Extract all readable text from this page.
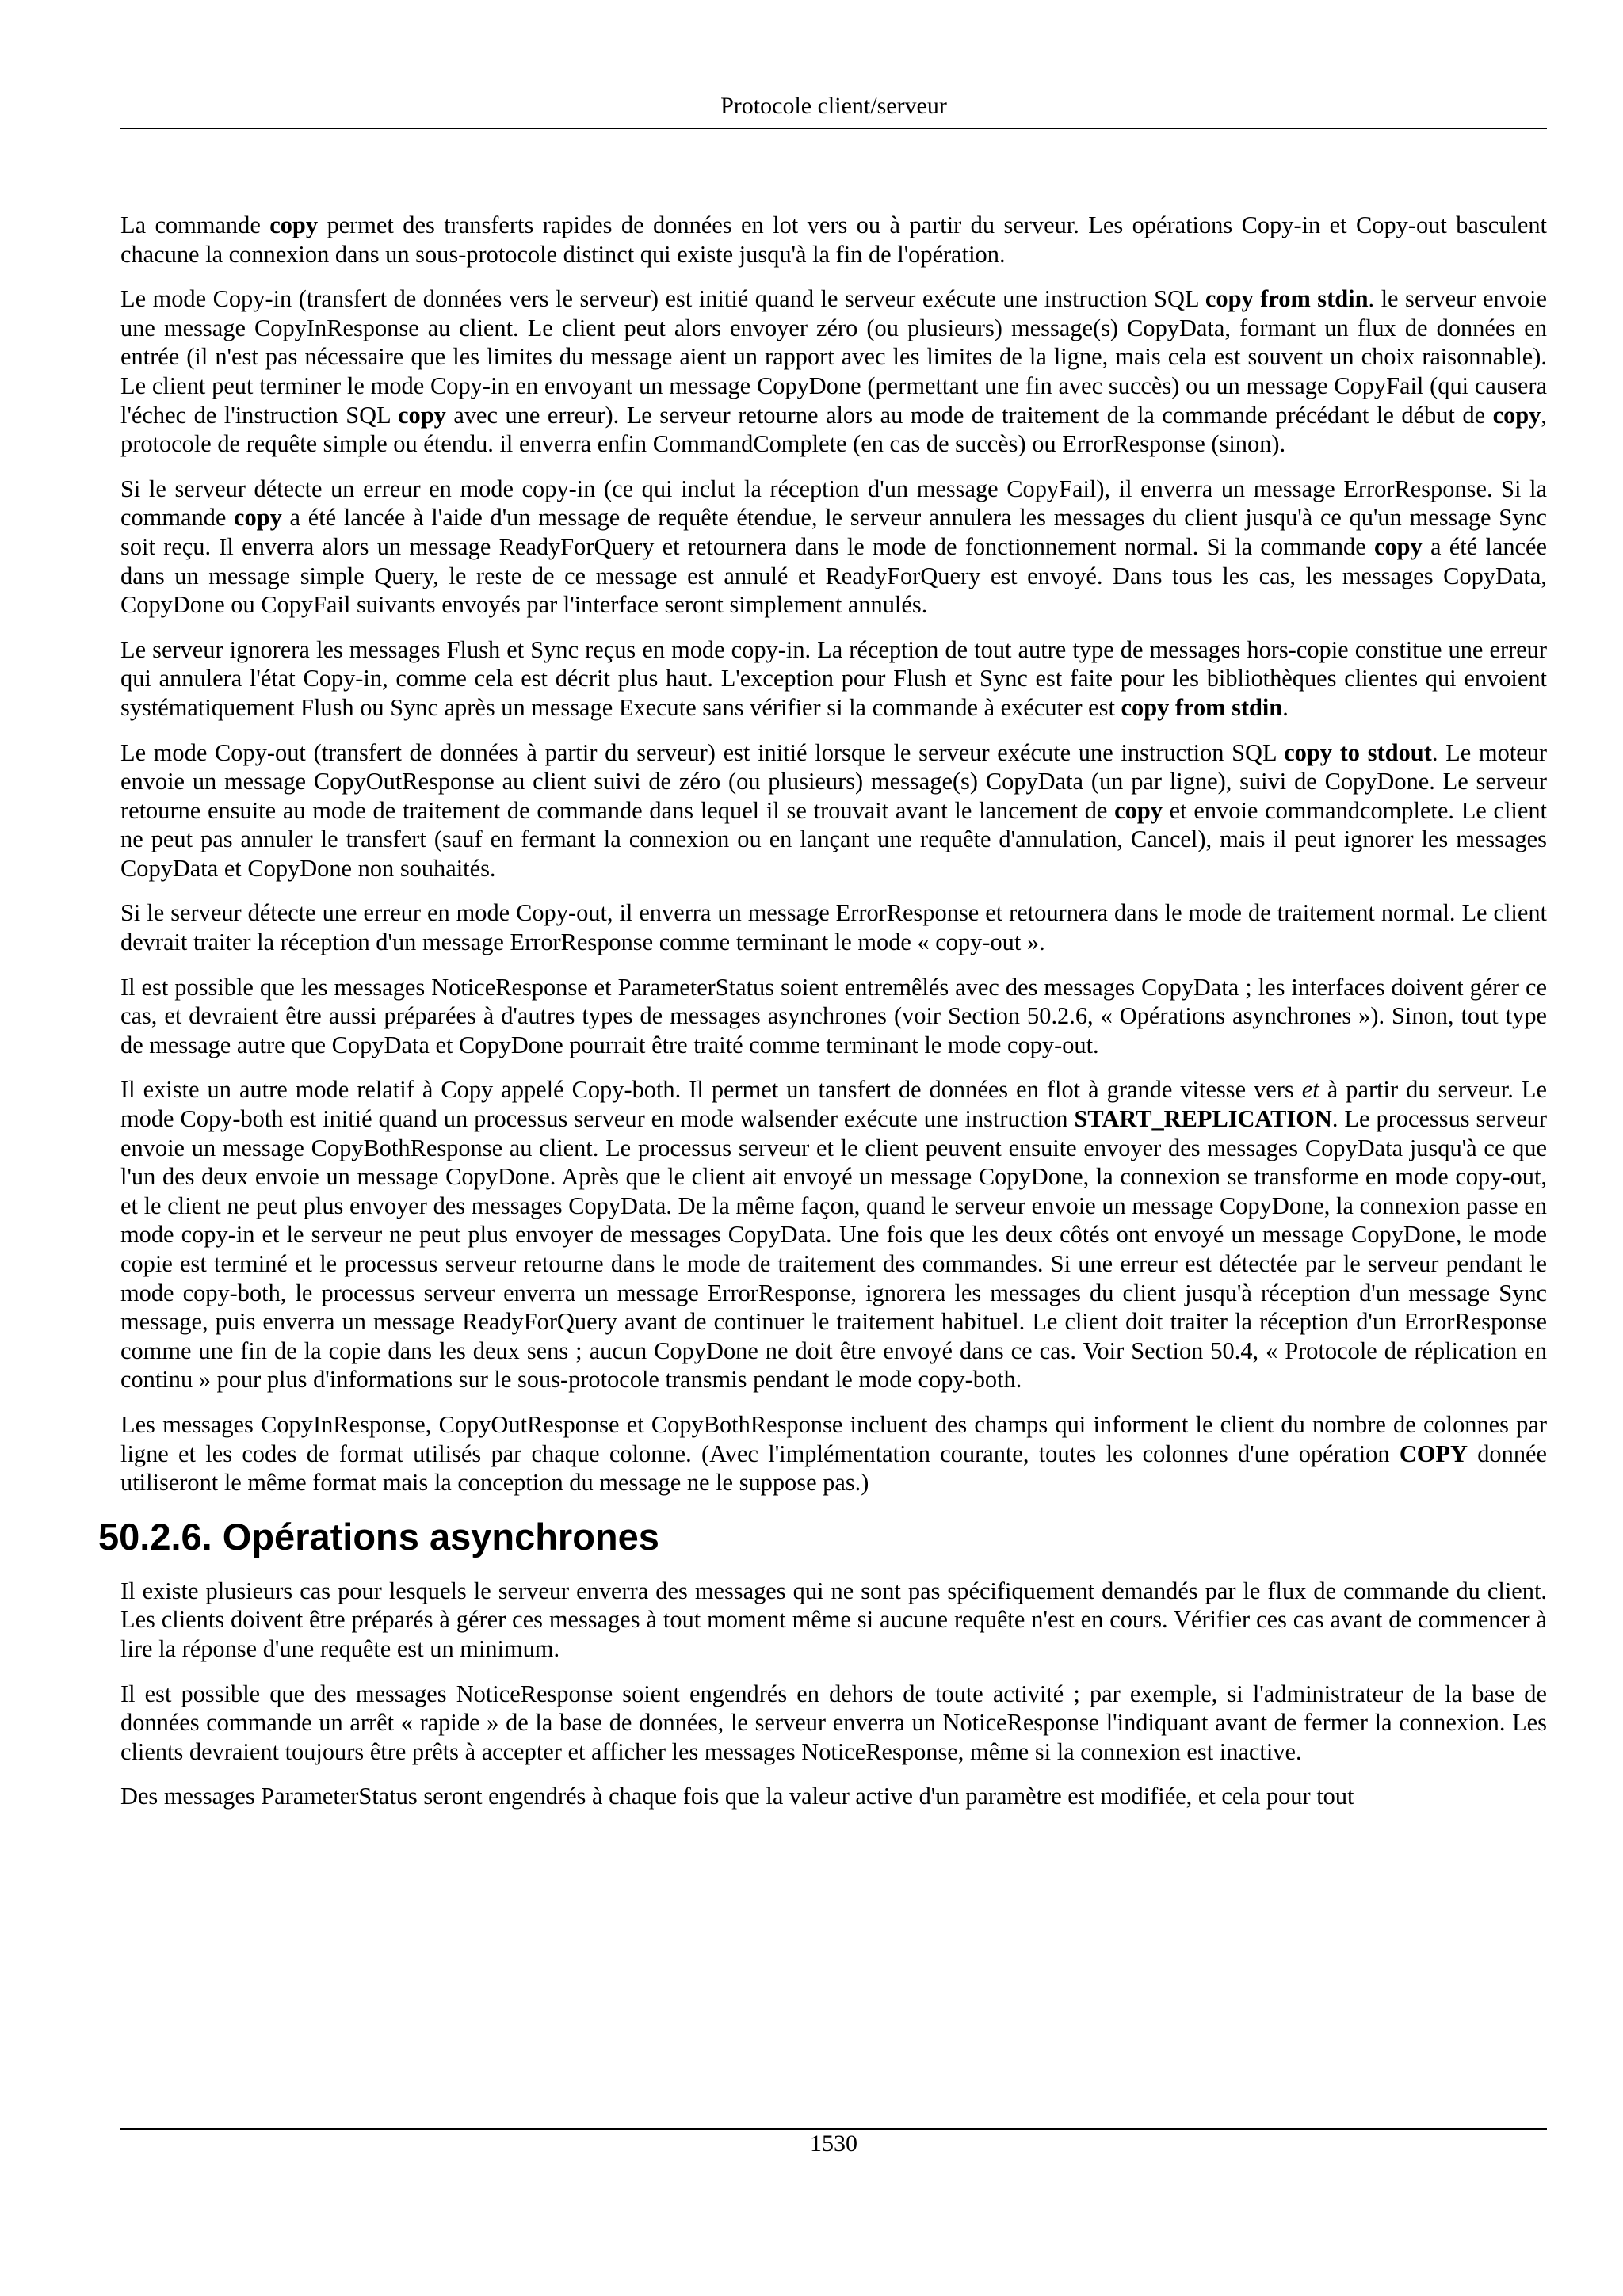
Protocole client/serveur

La commande copy permet des transferts rapides de données en lot vers ou à partir du serveur. Les opérations Copy-in et Copy-out basculent chacune la connexion dans un sous-protocole distinct qui existe jusqu'à la fin de l'opération.

Le mode Copy-in (transfert de données vers le serveur) est initié quand le serveur exécute une instruction SQL copy from stdin. le serveur envoie une message CopyInResponse au client. Le client peut alors envoyer zéro (ou plusieurs) message(s) CopyData, formant un flux de données en entrée (il n'est pas nécessaire que les limites du message aient un rapport avec les limites de la ligne, mais cela est souvent un choix raisonnable). Le client peut terminer le mode Copy-in en envoyant un message CopyDone (permettant une fin avec succès) ou un message CopyFail (qui causera l'échec de l'instruction SQL copy avec une erreur). Le serveur retourne alors au mode de traitement de la commande précédant le début de copy, protocole de requête simple ou étendu. il enverra enfin CommandComplete (en cas de succès) ou ErrorResponse (sinon).

Si le serveur détecte un erreur en mode copy-in (ce qui inclut la réception d'un message CopyFail), il enverra un message ErrorResponse. Si la commande copy a été lancée à l'aide d'un message de requête étendue, le serveur annulera les messages du client jusqu'à ce qu'un message Sync soit reçu. Il enverra alors un message ReadyForQuery et retournera dans le mode de fonctionnement normal. Si la commande copy a été lancée dans un message simple Query, le reste de ce message est annulé et ReadyForQuery est envoyé. Dans tous les cas, les messages CopyData, CopyDone ou CopyFail suivants envoyés par l'interface seront simplement annulés.

Le serveur ignorera les messages Flush et Sync reçus en mode copy-in. La réception de tout autre type de messages hors-copie constitue une erreur qui annulera l'état Copy-in, comme cela est décrit plus haut. L'exception pour Flush et Sync est faite pour les bibliothèques clientes qui envoient systématiquement Flush ou Sync après un message Execute sans vérifier si la commande à exécuter est copy from stdin.

Le mode Copy-out (transfert de données à partir du serveur) est initié lorsque le serveur exécute une instruction SQL copy to stdout. Le moteur envoie un message CopyOutResponse au client suivi de zéro (ou plusieurs) message(s) CopyData (un par ligne), suivi de CopyDone. Le serveur retourne ensuite au mode de traitement de commande dans lequel il se trouvait avant le lancement de copy et envoie commandcomplete. Le client ne peut pas annuler le transfert (sauf en fermant la connexion ou en lançant une requête d'annulation, Cancel), mais il peut ignorer les messages CopyData et CopyDone non souhaités.

Si le serveur détecte une erreur en mode Copy-out, il enverra un message ErrorResponse et retournera dans le mode de traitement normal. Le client devrait traiter la réception d'un message ErrorResponse comme terminant le mode « copy-out ».

Il est possible que les messages NoticeResponse et ParameterStatus soient entremêlés avec des messages CopyData ; les interfaces doivent gérer ce cas, et devraient être aussi préparées à d'autres types de messages asynchrones (voir Section 50.2.6, « Opérations asynchrones »). Sinon, tout type de message autre que CopyData et CopyDone pourrait être traité comme terminant le mode copy-out.

Il existe un autre mode relatif à Copy appelé Copy-both. Il permet un tansfert de données en flot à grande vitesse vers et à partir du serveur. Le mode Copy-both est initié quand un processus serveur en mode walsender exécute une instruction START_REPLICATION. Le processus serveur envoie un message CopyBothResponse au client. Le processus serveur et le client peuvent ensuite envoyer des messages CopyData jusqu'à ce que l'un des deux envoie un message CopyDone. Après que le client ait envoyé un message CopyDone, la connexion se transforme en mode copy-out, et le client ne peut plus envoyer des messages CopyData. De la même façon, quand le serveur envoie un message CopyDone, la connexion passe en mode copy-in et le serveur ne peut plus envoyer de messages CopyData. Une fois que les deux côtés ont envoyé un message CopyDone, le mode copie est terminé et le processus serveur retourne dans le mode de traitement des commandes. Si une erreur est détectée par le serveur pendant le mode copy-both, le processus serveur enverra un message ErrorResponse, ignorera les messages du client jusqu'à réception d'un message Sync message, puis enverra un message ReadyForQuery avant de continuer le traitement habituel. Le client doit traiter la réception d'un ErrorResponse comme une fin de la copie dans les deux sens ; aucun CopyDone ne doit être envoyé dans ce cas. Voir Section 50.4, « Protocole de réplication en continu » pour plus d'informations sur le sous-protocole transmis pendant le mode copy-both.

Les messages CopyInResponse, CopyOutResponse et CopyBothResponse incluent des champs qui informent le client du nombre de colonnes par ligne et les codes de format utilisés par chaque colonne. (Avec l'implémentation courante, toutes les colonnes d'une opération COPY donnée utiliseront le même format mais la conception du message ne le suppose pas.)

50.2.6. Opérations asynchrones

Il existe plusieurs cas pour lesquels le serveur enverra des messages qui ne sont pas spécifiquement demandés par le flux de commande du client. Les clients doivent être préparés à gérer ces messages à tout moment même si aucune requête n'est en cours. Vérifier ces cas avant de commencer à lire la réponse d'une requête est un minimum.

Il est possible que des messages NoticeResponse soient engendrés en dehors de toute activité ; par exemple, si l'administrateur de la base de données commande un arrêt « rapide » de la base de données, le serveur enverra un NoticeResponse l'indiquant avant de fermer la connexion. Les clients devraient toujours être prêts à accepter et afficher les messages NoticeResponse, même si la connexion est inactive.

Des messages ParameterStatus seront engendrés à chaque fois que la valeur active d'un paramètre est modifiée, et cela pour tout

1530
